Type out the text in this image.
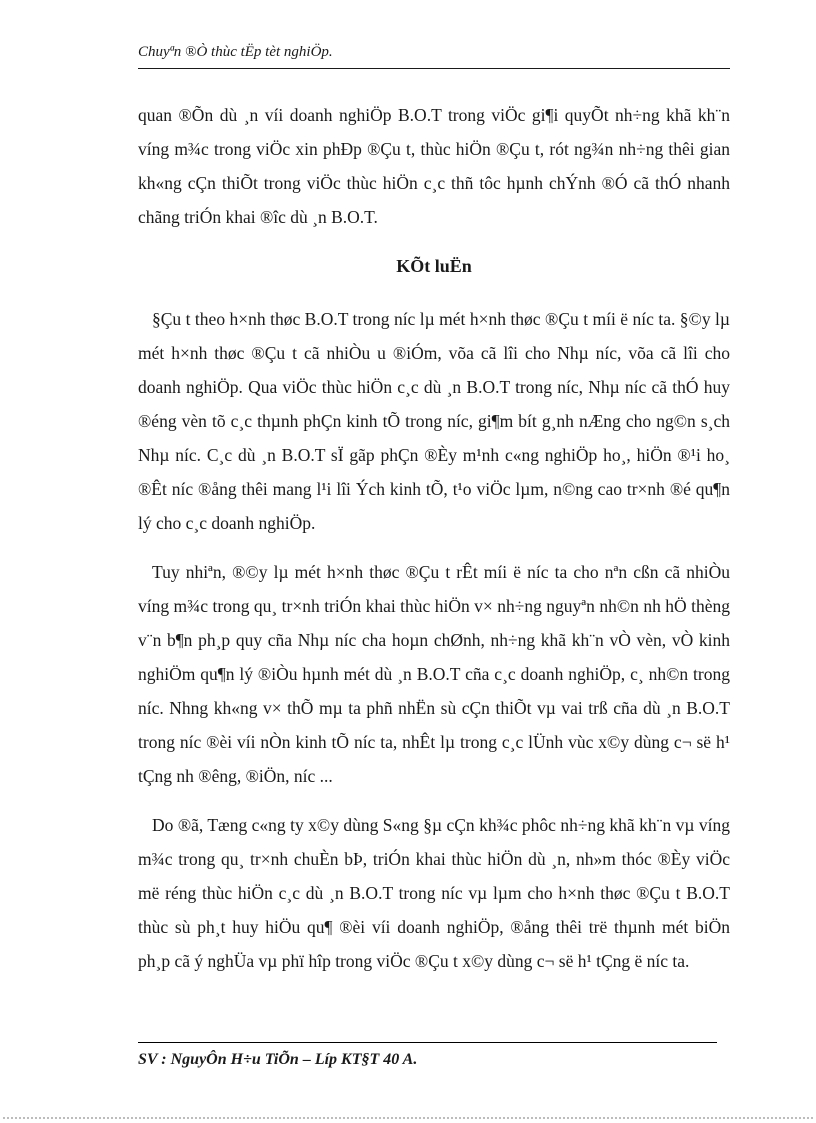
Chuyªn ®Ò thùc tËp tèt nghiÖp.

quan ®Õn dù ¸n víi doanh nghiÖp B.O.T trong viÖc gi¶i quyÕt nh÷ng khã kh¨n víng m¾c trong viÖc xin phÐp ®Çu t, thùc hiÖn ®Çu t, rót ng¾n nh÷ng thêi gian kh«ng cÇn thiÕt trong viÖc thùc hiÖn c¸c thñ tôc hµnh chÝnh ®Ó cã thÓ nhanh chãng triÓn khai ®îc dù ¸n B.O.T.

KÕt luËn

§Çu t theo h×nh thøc B.O.T trong níc lµ mét h×nh thøc ®Çu t míi ë níc ta. §©y lµ mét h×nh thøc ®Çu t cã nhiÒu u ®iÓm, võa cã lîi cho Nhµ níc, võa cã lîi cho doanh nghiÖp. Qua viÖc thùc hiÖn c¸c dù ¸n B.O.T trong níc, Nhµ níc cã thÓ huy ®éng vèn tõ c¸c thµnh phÇn kinh tÕ trong níc, gi¶m bít g¸nh nÆng cho ng©n s¸ch Nhµ níc. C¸c dù ¸n B.O.T sÏ gãp phÇn ®Èy m¹nh c«ng nghiÖp ho¸, hiÖn ®¹i ho¸ ®Êt níc ®ång thêi mang l¹i lîi Ých kinh tÕ, t¹o viÖc lµm, n©ng cao tr×nh ®é qu¶n lý cho c¸c doanh nghiÖp.

Tuy nhiªn, ®©y lµ mét h×nh thøc ®Çu t rÊt míi ë níc ta cho nªn cßn cã nhiÒu víng m¾c trong qu¸ tr×nh triÓn khai thùc hiÖn v× nh÷ng nguyªn nh©n nh hÖ thèng v¨n b¶n ph¸p quy cña Nhµ níc cha hoµn chØnh, nh÷ng khã kh¨n vÒ vèn, vÒ kinh nghiÖm qu¶n lý ®iÒu hµnh mét dù ¸n B.O.T cña c¸c doanh nghiÖp, c¸ nh©n trong níc. Nhng kh«ng v× thÕ mµ ta phñ nhËn sù cÇn thiÕt vµ vai trß cña dù ¸n B.O.T trong níc ®èi víi nÒn kinh tÕ níc ta, nhÊt lµ trong c¸c lÜnh vùc x©y dùng c¬ së h¹ tÇng nh ®êng, ®iÖn, níc ...

Do ®ã, Tæng c«ng ty x©y dùng S«ng §µ cÇn kh¾c phôc nh÷ng khã kh¨n vµ víng m¾c trong qu¸ tr×nh chuÈn bÞ, triÓn khai thùc hiÖn dù ¸n, nh»m thóc ®Èy viÖc më réng thùc hiÖn c¸c dù ¸n B.O.T trong níc vµ lµm cho h×nh thøc ®Çu t B.O.T thùc sù ph¸t huy hiÖu qu¶ ®èi víi doanh nghiÖp, ®ång thêi trë thµnh mét biÖn ph¸p cã ý nghÜa vµ phï hîp trong viÖc ®Çu t x©y dùng c¬ së h¹ tÇng ë níc ta.

SV : NguyÔn H÷u TiÕn – Líp KT§T 40 A.
